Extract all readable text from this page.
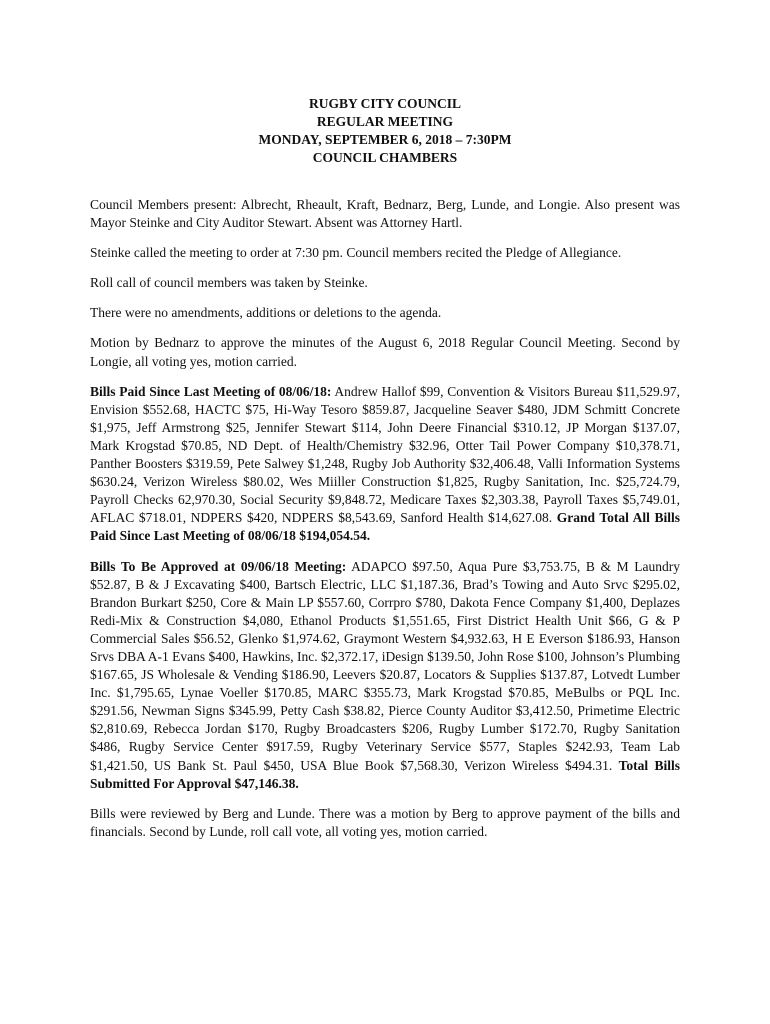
RUGBY CITY COUNCIL
REGULAR MEETING
MONDAY, SEPTEMBER 6, 2018 – 7:30PM
COUNCIL CHAMBERS

Council Members present: Albrecht, Rheault, Kraft, Bednarz, Berg, Lunde, and Longie. Also present was Mayor Steinke and City Auditor Stewart. Absent was Attorney Hartl.

Steinke called the meeting to order at 7:30 pm. Council members recited the Pledge of Allegiance.

Roll call of council members was taken by Steinke.

There were no amendments, additions or deletions to the agenda.

Motion by Bednarz to approve the minutes of the August 6, 2018 Regular Council Meeting. Second by Longie, all voting yes, motion carried.

Bills Paid Since Last Meeting of 08/06/18: Andrew Hallof $99, Convention & Visitors Bureau $11,529.97, Envision $552.68, HACTC $75, Hi-Way Tesoro $859.87, Jacqueline Seaver $480, JDM Schmitt Concrete $1,975, Jeff Armstrong $25, Jennifer Stewart $114, John Deere Financial $310.12, JP Morgan $137.07, Mark Krogstad $70.85, ND Dept. of Health/Chemistry $32.96, Otter Tail Power Company $10,378.71, Panther Boosters $319.59, Pete Salwey $1,248, Rugby Job Authority $32,406.48, Valli Information Systems $630.24, Verizon Wireless $80.02, Wes Miiller Construction $1,825, Rugby Sanitation, Inc. $25,724.79, Payroll Checks 62,970.30, Social Security $9,848.72, Medicare Taxes $2,303.38, Payroll Taxes $5,749.01, AFLAC $718.01, NDPERS $420, NDPERS $8,543.69, Sanford Health $14,627.08. Grand Total All Bills Paid Since Last Meeting of 08/06/18 $194,054.54.

Bills To Be Approved at 09/06/18 Meeting: ADAPCO $97.50, Aqua Pure $3,753.75, B & M Laundry $52.87, B & J Excavating $400, Bartsch Electric, LLC $1,187.36, Brad’s Towing and Auto Srvc $295.02, Brandon Burkart $250, Core & Main LP $557.60, Corrpro $780, Dakota Fence Company $1,400, Deplazes Redi-Mix & Construction $4,080, Ethanol Products $1,551.65, First District Health Unit $66, G & P Commercial Sales $56.52, Glenko $1,974.62, Graymont Western $4,932.63, H E Everson $186.93, Hanson Srvs DBA A-1 Evans $400, Hawkins, Inc. $2,372.17, iDesign $139.50, John Rose $100, Johnson’s Plumbing $167.65, JS Wholesale & Vending $186.90, Leevers $20.87, Locators & Supplies $137.87, Lotvedt Lumber Inc. $1,795.65, Lynae Voeller $170.85, MARC $355.73, Mark Krogstad $70.85, MeBulbs or PQL Inc. $291.56, Newman Signs $345.99, Petty Cash $38.82, Pierce County Auditor $3,412.50, Primetime Electric $2,810.69, Rebecca Jordan $170, Rugby Broadcasters $206, Rugby Lumber $172.70, Rugby Sanitation $486, Rugby Service Center $917.59, Rugby Veterinary Service $577, Staples $242.93, Team Lab $1,421.50, US Bank St. Paul $450, USA Blue Book $7,568.30, Verizon Wireless $494.31. Total Bills Submitted For Approval $47,146.38.

Bills were reviewed by Berg and Lunde. There was a motion by Berg to approve payment of the bills and financials. Second by Lunde, roll call vote, all voting yes, motion carried.
